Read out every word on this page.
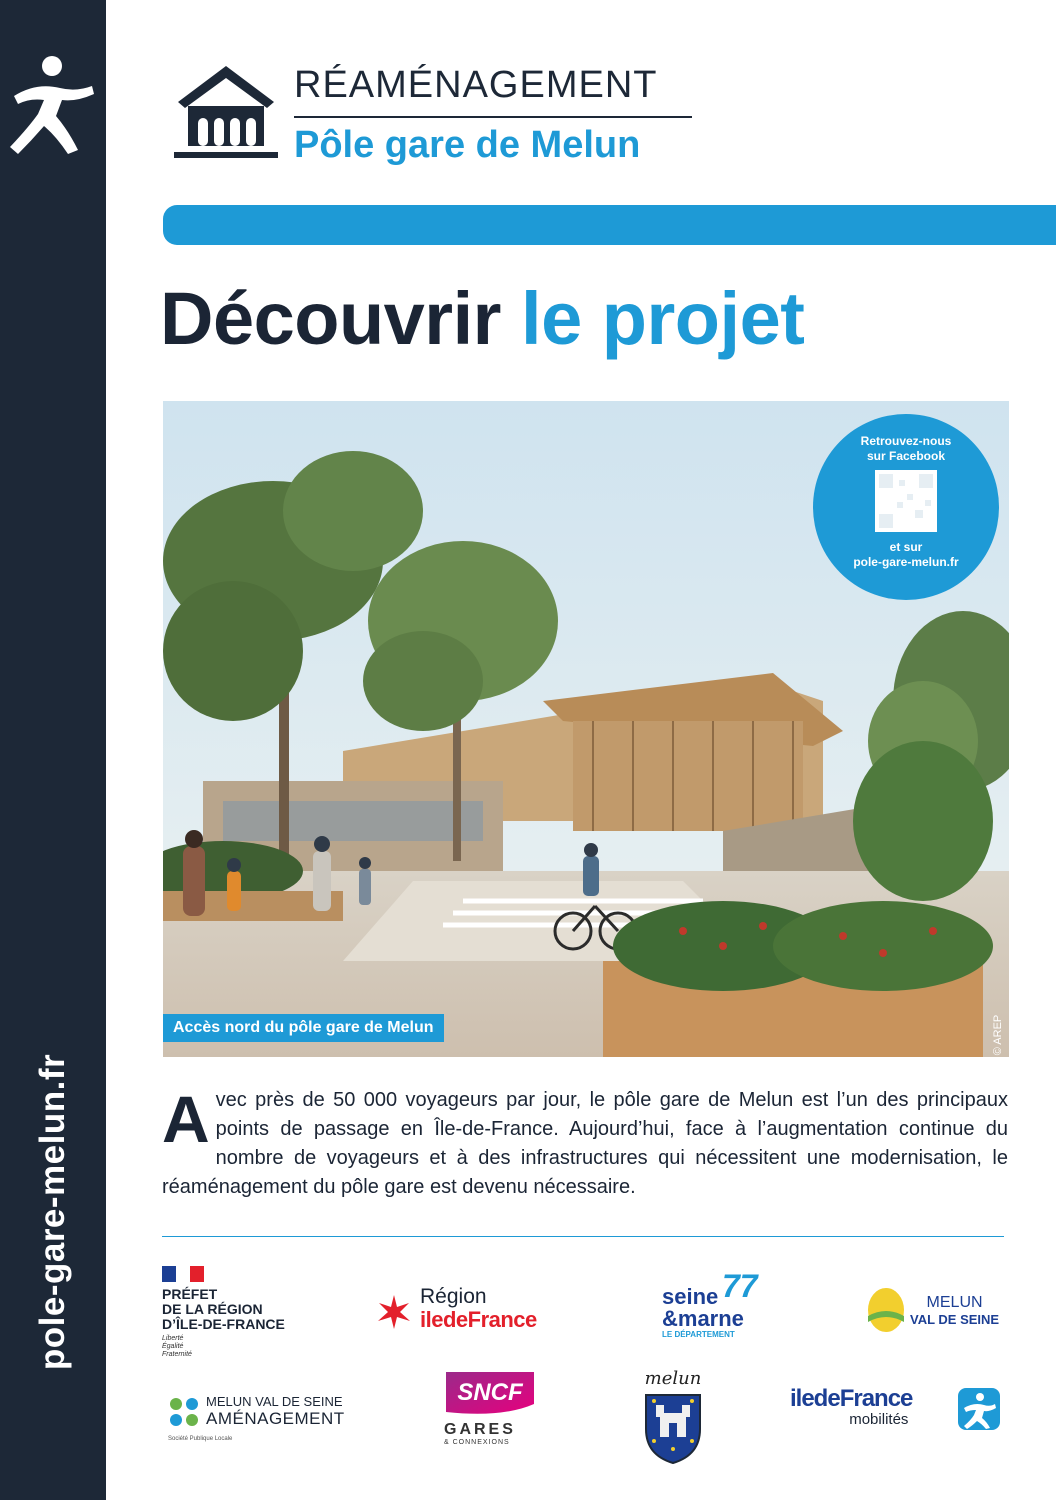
pole-gare-melun.fr
RÉAMÉNAGEMENT
Pôle gare de Melun
Découvrir le projet
Retrouvez-nous
sur Facebook
et sur
pole-gare-melun.fr
Accès nord du pôle gare de Melun	© AREP
A vec près de 50 000 voyageurs par jour, le pôle gare de Melun est l’un des principaux points de passage en Île-de-France. Aujourd’hui, face à l’augmentation continue du nombre de voyageurs et à des infrastructures qui nécessitent une modernisation, le réaménagement du pôle gare est devenu nécessaire.
PRÉFET
DE LA RÉGION
D’ÎLE-DE-FRANCE
Liberté
Égalité
Fraternité
Région
iledeFrance
77
seine
&marne
LE DÉPARTEMENT
MELUN
VAL DE SEINE
MELUN VAL DE SEINE
AMÉNAGEMENT
Société Publique Locale
SNCF
GARES
& CONNEXIONS
melun
iledeFrance
mobilités
